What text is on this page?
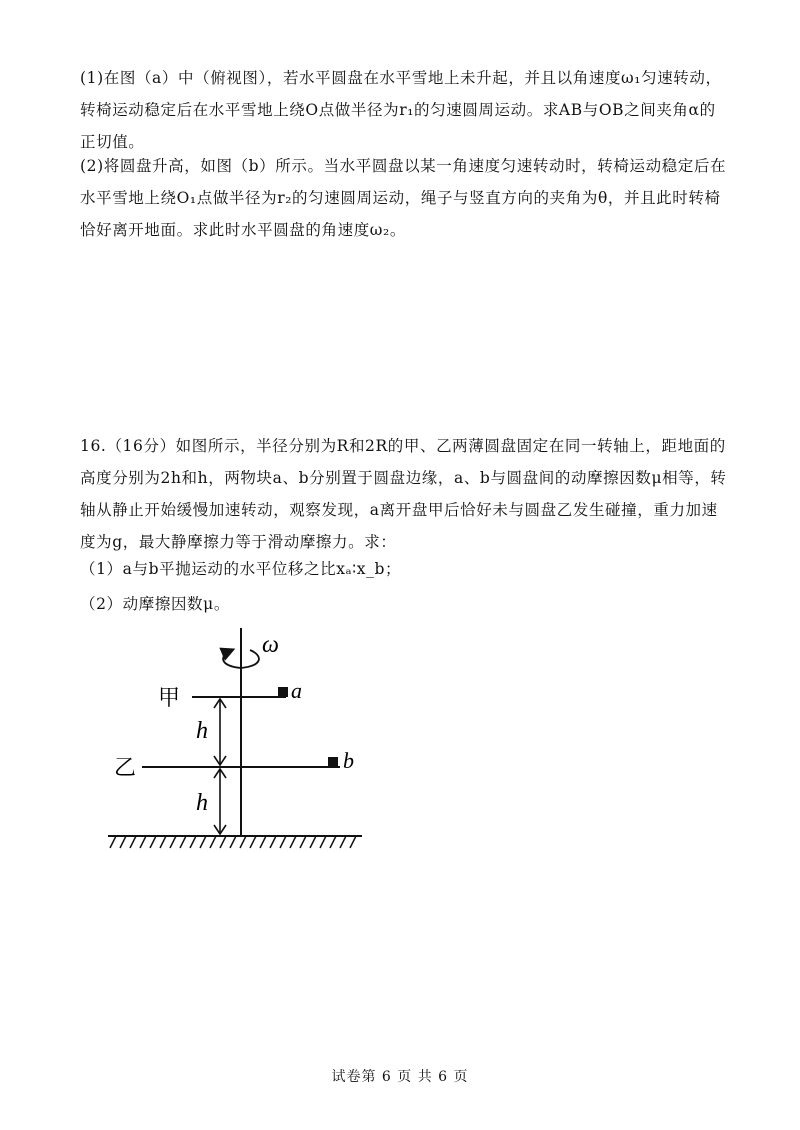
(1)在图（a）中（俯视图），若水平圆盘在水平雪地上未升起，并且以角速度ω₁匀速转动，转椅运动稳定后在水平雪地上绕O点做半径为r₁的匀速圆周运动。求AB与OB之间夹角α的正切值。

(2)将圆盘升高，如图（b）所示。当水平圆盘以某一角速度匀速转动时，转椅运动稳定后在水平雪地上绕O₁点做半径为r₂的匀速圆周运动，绳子与竖直方向的夹角为θ，并且此时转椅恰好离开地面。求此时水平圆盘的角速度ω₂。

16.（16分）如图所示，半径分别为R和2R的甲、乙两薄圆盘固定在同一转轴上，距地面的高度分别为2h和h，两物块a、b分别置于圆盘边缘，a、b与圆盘间的动摩擦因数μ相等，转轴从静止开始缓慢加速转动，观察发现，a离开盘甲后恰好未与圆盘乙发生碰撞，重力加速度为g，最大静摩擦力等于滑动摩擦力。求：

（1）a与b平抛运动的水平位移之比xₐ∶x_b；

（2）动摩擦因数μ。

ω
甲	a
乙	b
h
h
试卷第 6 页 共 6 页
